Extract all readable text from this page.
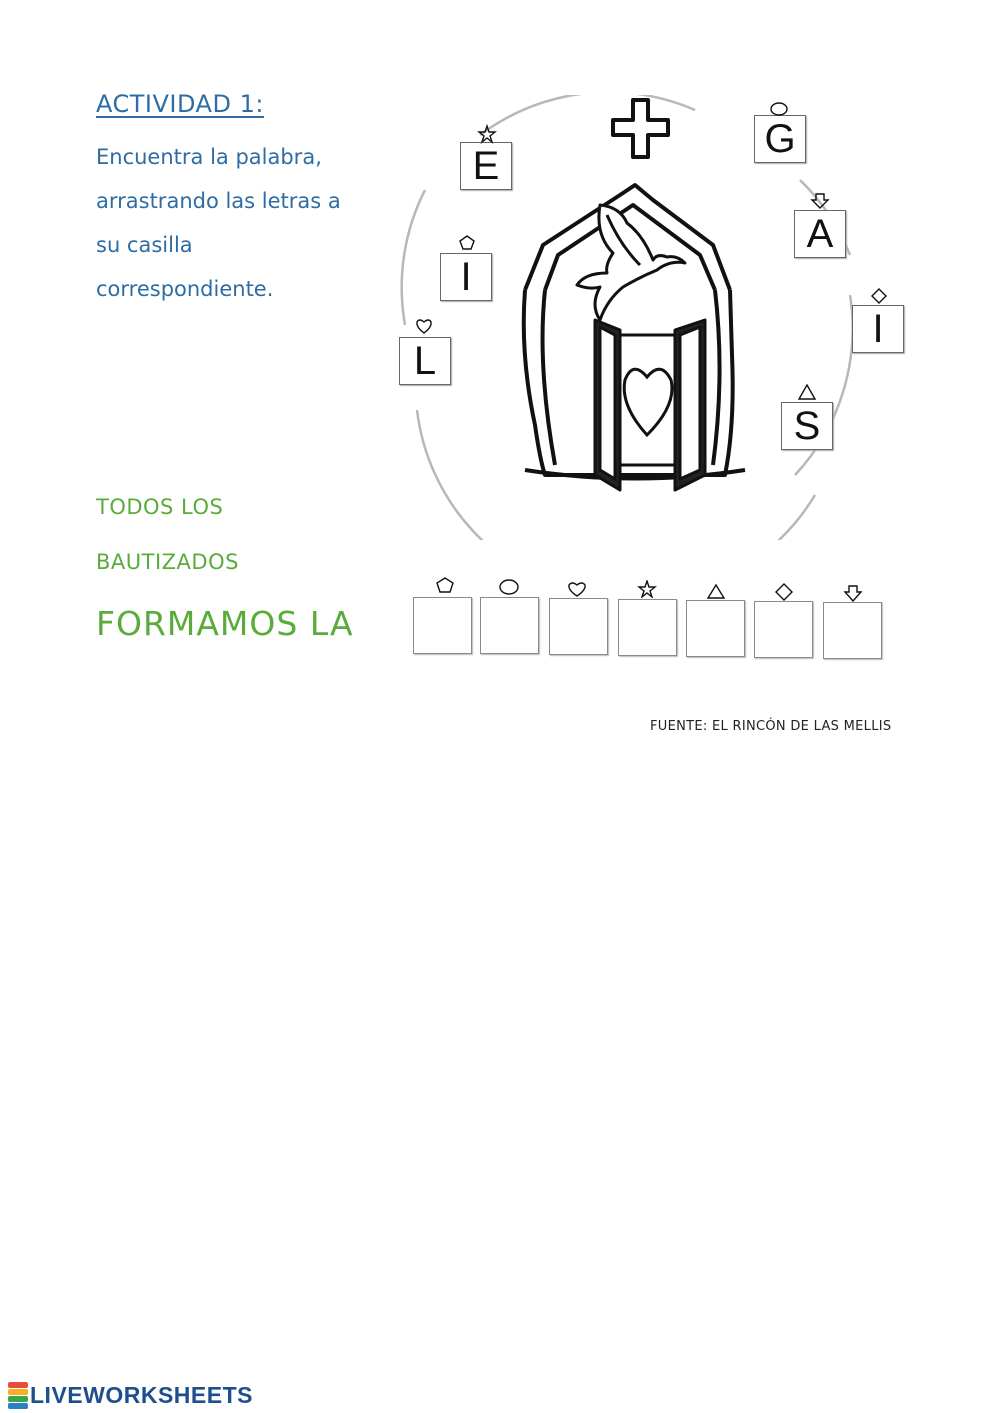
ACTIVIDAD 1:
Encuentra la palabra,
arrastrando las letras a
su casilla
correspondiente.
TODOS LOS
BAUTIZADOS
FORMAMOS LA
E
G
I
A
I
L
S
FUENTE: EL RINCÓN DE LAS MELLIS
LIVEWORKSHEETS
